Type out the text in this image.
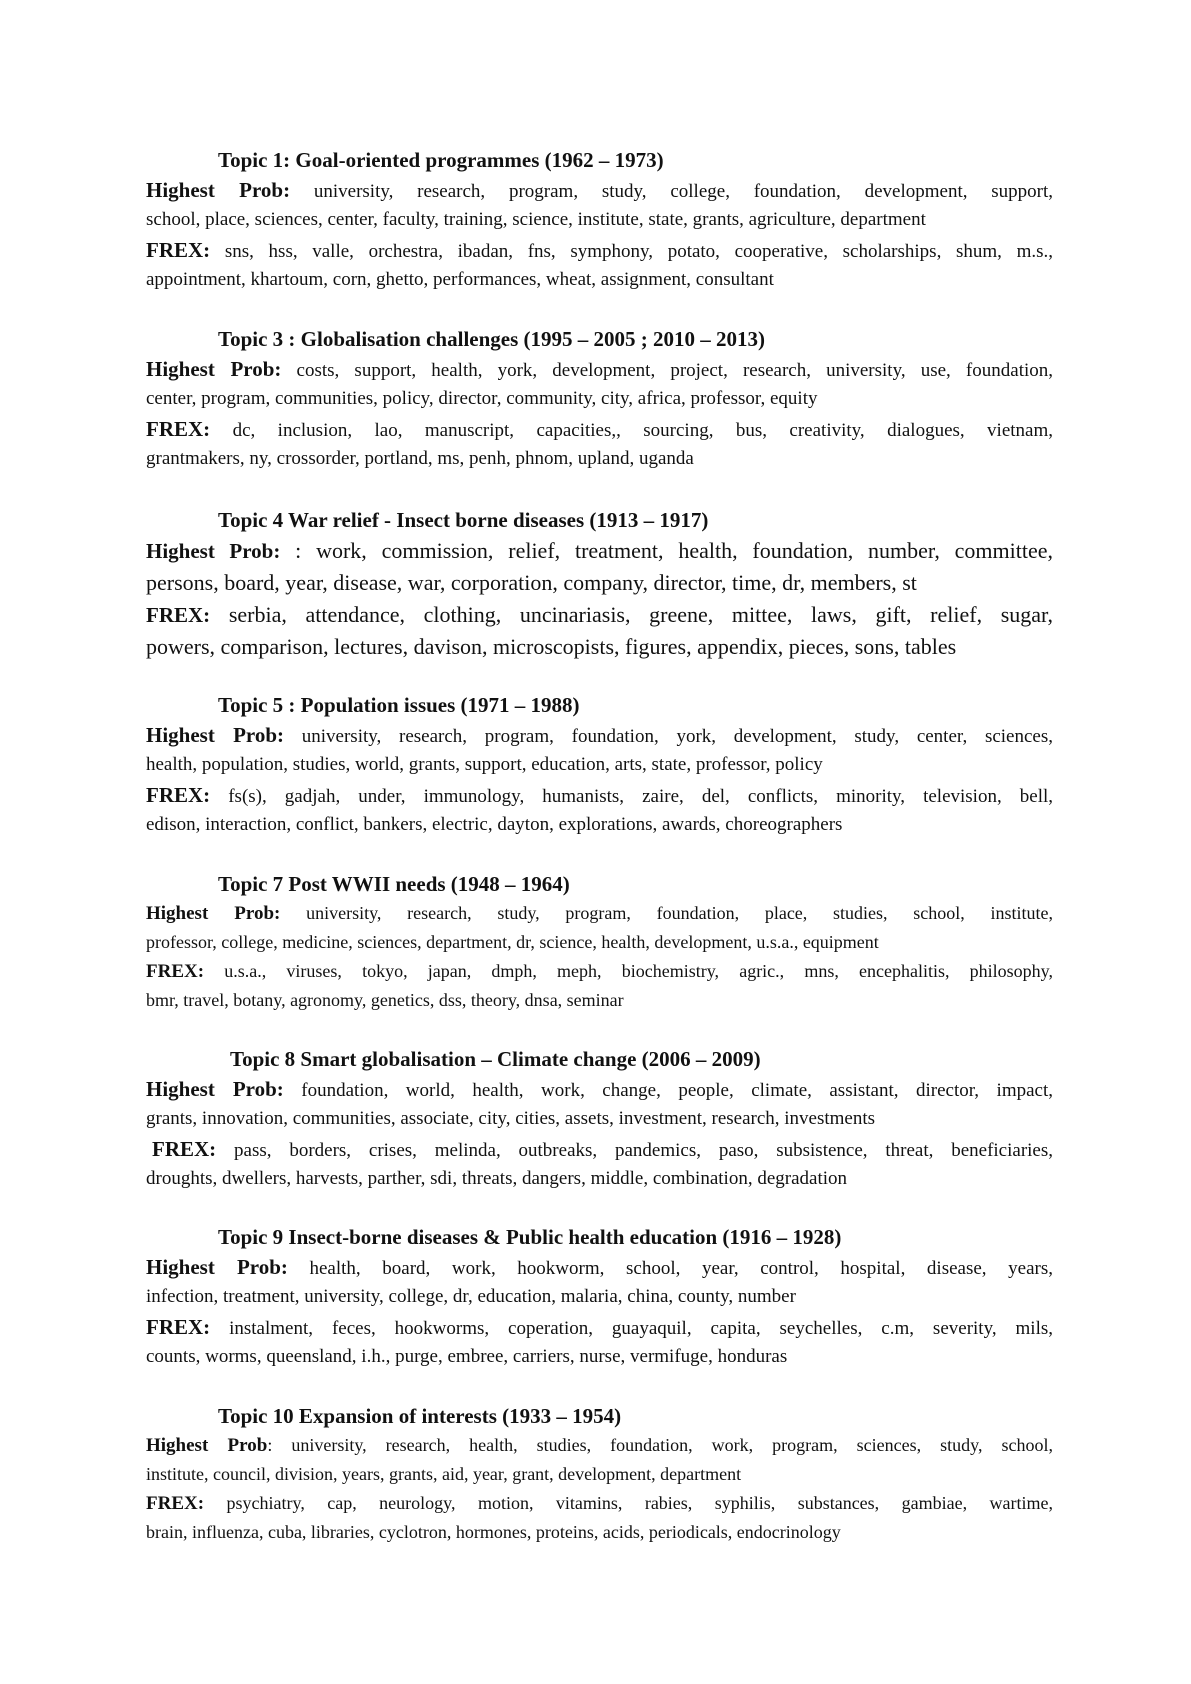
Topic 1: Goal-oriented programmes (1962 – 1973)
Highest Prob: university, research, program, study, college, foundation, development, support,
school, place, sciences, center, faculty, training, science, institute, state, grants, agriculture, department
FREX: sns, hss, valle, orchestra, ibadan, fns, symphony, potato, cooperative, scholarships, shum, m.s.,
appointment, khartoum, corn, ghetto, performances, wheat, assignment, consultant
Topic 3 : Globalisation challenges (1995 – 2005 ; 2010 – 2013)
Highest Prob: costs, support, health, york, development, project, research, university, use, foundation,
center, program, communities, policy, director, community, city, africa, professor, equity
FREX: dc, inclusion, lao, manuscript, capacities,, sourcing, bus, creativity, dialogues, vietnam,
grantmakers, ny, crossorder, portland, ms, penh, phnom, upland, uganda
Topic 4 War relief - Insect borne diseases (1913 – 1917)
Highest Prob: : work, commission, relief, treatment, health, foundation, number, committee,
persons, board, year, disease, war, corporation, company, director, time, dr, members, st
FREX: serbia, attendance, clothing, uncinariasis, greene, mittee, laws, gift, relief, sugar,
powers, comparison, lectures, davison, microscopists, figures, appendix, pieces, sons, tables
Topic 5 : Population issues (1971 – 1988)
Highest Prob: university, research, program, foundation, york, development, study, center, sciences,
health, population, studies, world, grants, support, education, arts, state, professor, policy
FREX: fs(s), gadjah, under, immunology, humanists, zaire, del, conflicts, minority, television, bell,
edison, interaction, conflict, bankers, electric, dayton, explorations, awards, choreographers
Topic 7 Post WWII needs (1948 – 1964)
Highest Prob: university, research, study, program, foundation, place, studies, school, institute,
professor, college, medicine, sciences, department, dr, science, health, development, u.s.a., equipment
FREX: u.s.a., viruses, tokyo, japan, dmph, meph, biochemistry, agric., mns, encephalitis, philosophy,
bmr, travel, botany, agronomy, genetics, dss, theory, dnsa, seminar
Topic 8 Smart globalisation – Climate change (2006 – 2009)
Highest Prob: foundation, world, health, work, change, people, climate, assistant, director, impact,
grants, innovation, communities, associate, city, cities, assets, investment, research, investments
FREX: pass, borders, crises, melinda, outbreaks, pandemics, paso, subsistence, threat, beneficiaries,
droughts, dwellers, harvests, parther, sdi, threats, dangers, middle, combination, degradation
Topic 9 Insect-borne diseases & Public health education (1916 – 1928)
Highest Prob: health, board, work, hookworm, school, year, control, hospital, disease, years,
infection, treatment, university, college, dr, education, malaria, china, county, number
FREX: instalment, feces, hookworms, coperation, guayaquil, capita, seychelles, c.m, severity, mils,
counts, worms, queensland, i.h., purge, embree, carriers, nurse, vermifuge, honduras
Topic 10 Expansion of interests (1933 – 1954)
Highest Prob: university, research, health, studies, foundation, work, program, sciences, study, school,
institute, council, division, years, grants, aid, year, grant, development, department
FREX: psychiatry, cap, neurology, motion, vitamins, rabies, syphilis, substances, gambiae, wartime,
brain, influenza, cuba, libraries, cyclotron, hormones, proteins, acids, periodicals, endocrinology
